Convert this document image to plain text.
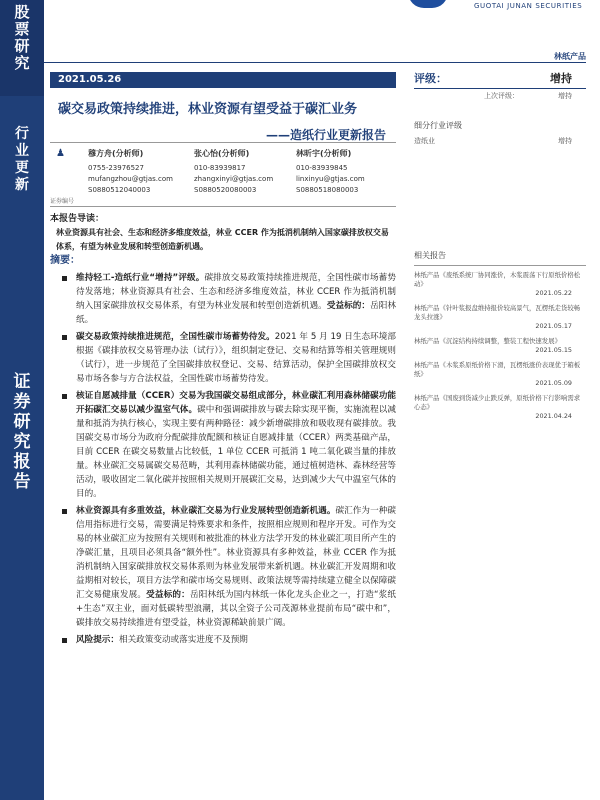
股
票
研
究
行
业
更
新
证
券
研
究
报
告
GUOTAI JUNAN SECURITIES
林纸产品
2021.05.26
碳交易政策持续推进，林业资源有望受益于碳汇业务
——造纸行业更新报告
♟
证券编号
穆方舟(分析师)
0755-23976527
mufangzhou@gtjas.com
S0880512040003
张心怡(分析师)
010-83939817
zhangxinyi@gtjas.com
S0880520080003
林昕宇(分析师)
010-83939845
linxinyu@gtjas.com
S0880518080003
本报告导读：

林业资源具有社会、生态和经济多维度效益，林业 CCER 作为抵消机制纳入国家碳排放权交易体系，有望为林业发展和转型创造新机遇。

摘要：
维持轻工-造纸行业“增持”评级。碳排放交易政策持续推进规范，全国性碳市场蓄势待发落地；林业资源具有社会、生态和经济多维度效益，林业 CCER 作为抵消机制纳入国家碳排放权交易体系，有望为林业发展和转型创造新机遇。受益标的：岳阳林纸。
碳交易政策持续推进规范，全国性碳市场蓄势待发。2021 年 5 月 19 日生态环境部根据《碳排放权交易管理办法（试行）》，组织制定登记、交易和结算等相关管理规则（试行），进一步规范了全国碳排放权登记、交易、结算活动，保护全国碳排放权交易市场各参与方合法权益，全国性碳市场蓄势待发。
核证自愿减排量（CCER）交易为我国碳交易组成部分，林业碳汇利用森林储碳功能开拓碳汇交易以减少温室气体。碳中和强调碳排放与碳去除实现平衡，实施流程以减量和抵消为执行核心，实现主要有两种路径：减少新增碳排放和吸收现有碳排放。我国碳交易市场分为政府分配碳排放配额和核证自愿减排量（CCER）两类基础产品，目前 CCER 在碳交易数量占比较低，1 单位 CCER 可抵消 1 吨二氧化碳当量的排放量。林业碳汇交易属碳交易范畴，其利用森林储碳功能，通过植树造林、森林经营等活动，吸收固定二氧化碳并按照相关规则开展碳汇交易，达到减少大气中温室气体的目的。
林业资源具有多重效益，林业碳汇交易为行业发展转型创造新机遇。碳汇作为一种碳信用指标进行交易，需要满足特殊要求和条件，按照相应规则和程序开发。可作为交易的林业碳汇应为按照有关规则和被批准的林业方法学开发的林业碳汇项目所产生的净碳汇量，且项目必须具备“额外性”。林业资源具有多种效益，林业 CCER 作为抵消机制纳入国家碳排放权交易体系则为林业发展带来新机遇。林业碳汇开发周期和收益期相对较长，项目方法学和碳市场交易规则、政策法规等需持续建立健全以保障碳汇交易健康发展。受益标的：岳阳林纸为国内林纸一体化龙头企业之一，打造“浆纸+生态”双主业，面对低碳转型浪潮，其以全资子公司茂源林业提前布局“碳中和”，碳排放交易持续推进有望受益，林业资源稀缺前景广阔。
风险提示：相关政策变动或落实进度不及预期
评级：	增持
上次评级：	增持
细分行业评级
造纸业	增持
相关报告
林纸产品《废纸系统厂协同涨价，木浆震荡下行原纸价格松动》
2021.05.22
林纸产品《针叶浆报盘维持报价较高景气，瓦楞纸走货较畅龙头拉涨》
2021.05.17
林纸产品《沉淀结构持续调整，整装工程快速发展》
2021.05.15
林纸产品《木浆系原纸价格下滑，瓦楞纸涨价表现优于箱板纸》
2021.05.09
林纸产品《国废到货减少止跌反弹，原纸价格下行影响需求心态》
2021.04.24
